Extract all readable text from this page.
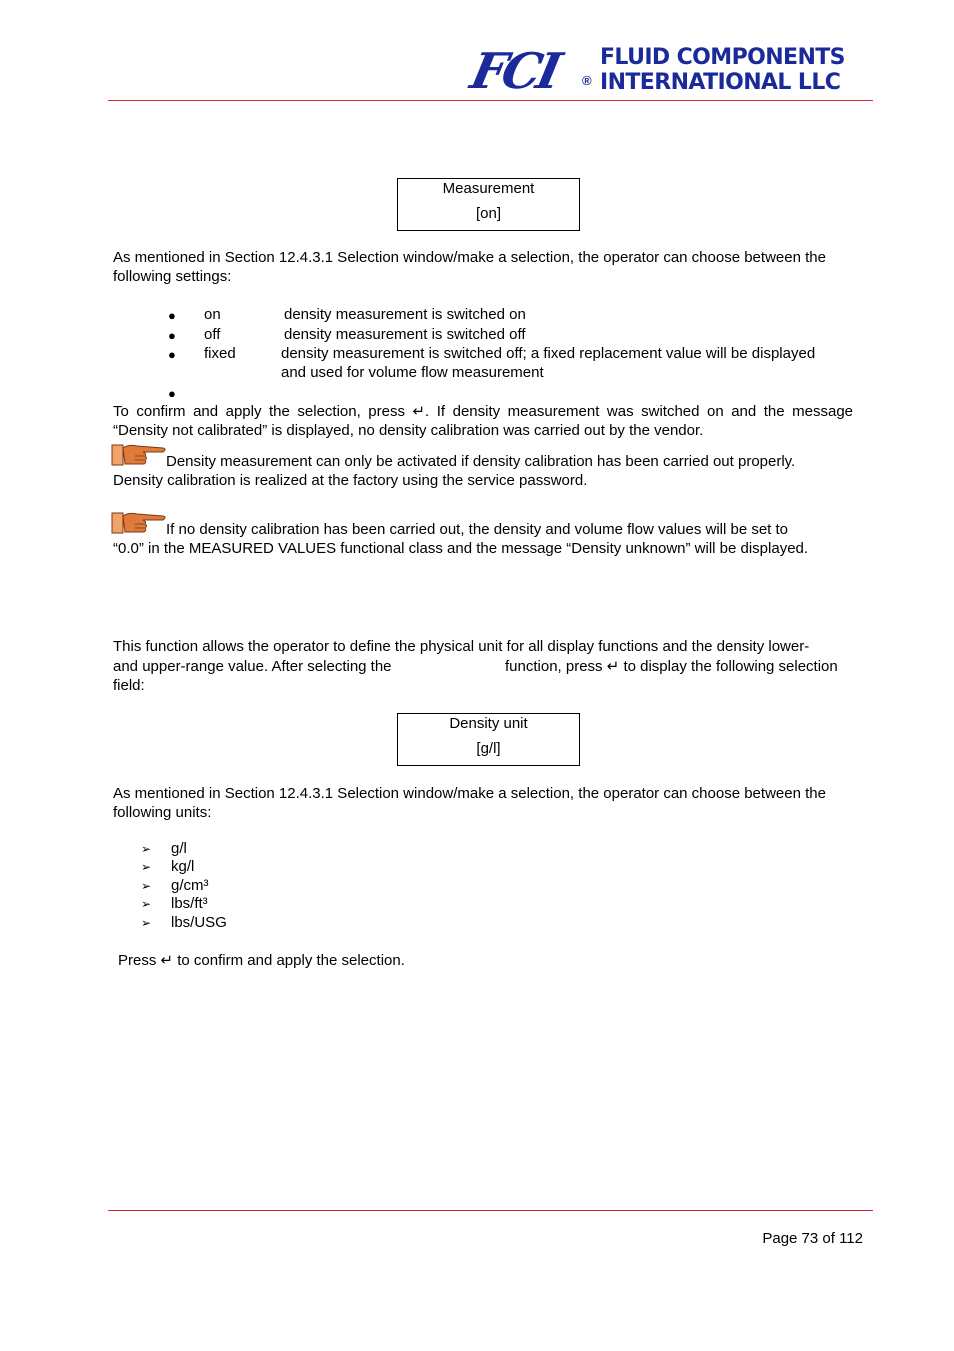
FCI ®
FLUID COMPONENTS
INTERNATIONAL LLC
Measurement
[on]

As mentioned in Section 12.4.3.1 Selection window/make a selection, the operator can choose between the following settings:

● on	density measurement is switched on
● off	density measurement is switched off
● fixed	density measurement is switched off; a fixed replacement value will be displayed
and used for volume flow measurement
●

To confirm and apply the selection, press ↵. If density measurement was switched on and the message “Density not calibrated” is displayed, no density calibration was carried out by the vendor.

Density measurement can only be activated if density calibration has been carried out properly.
Density calibration is realized at the factory using the service password.
If no density calibration has been carried out, the density and volume flow values will be set to
“0.0” in the MEASURED VALUES functional class and the message “Density unknown” will be displayed.
This function allows the operator to define the physical unit for all display functions and the density lower-
and upper-range value. After selecting the	function, press ↵ to display the following selection
field:
Density unit
[g/l]

As mentioned in Section 12.4.3.1 Selection window/make a selection, the operator can choose between the following units:

➢ g/l
➢ kg/l
➢ g/cm³
➢ lbs/ft³
➢ lbs/USG
Press ↵ to confirm and apply the selection.
Page 73 of 112
